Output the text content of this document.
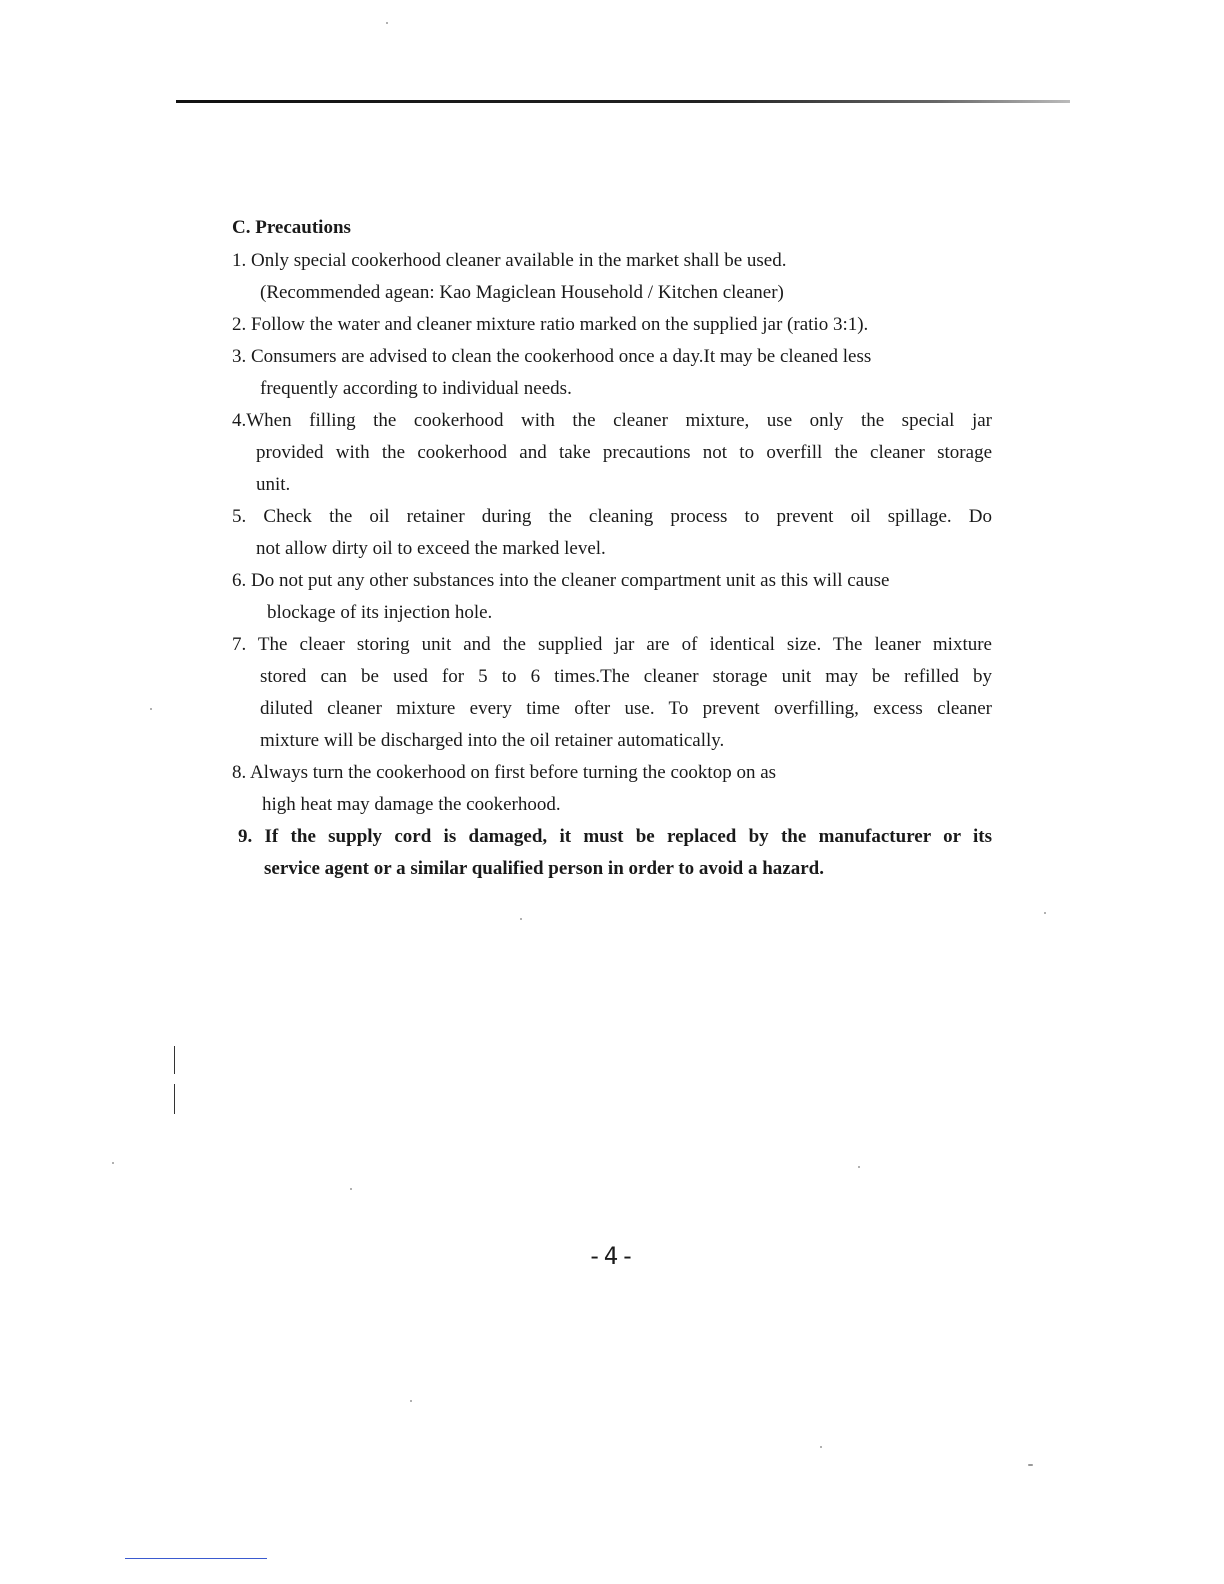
C. Precautions
1. Only special cookerhood cleaner available in the market shall be used.
(Recommended agean: Kao Magiclean Household / Kitchen cleaner)
2. Follow the water and cleaner mixture ratio marked on the supplied jar (ratio 3:1).
3. Consumers are advised to clean the cookerhood once a day.It may be cleaned less
frequently according to individual needs.
4.When filling the cookerhood with the cleaner mixture, use only the special jar
provided with the cookerhood and take precautions not to overfill the cleaner storage
unit.
5. Check the oil retainer during the cleaning process to prevent oil spillage. Do
not allow dirty oil to exceed the marked level.
6. Do not put any other substances into the cleaner compartment unit as this will cause
blockage of its injection hole.
7. The cleaer storing unit and the supplied jar are of identical size. The leaner mixture
stored can be used for 5 to 6 times.The cleaner storage unit may be refilled by
diluted cleaner mixture every time ofter use. To prevent overfilling, excess cleaner
mixture will be discharged into the oil retainer automatically.
8. Always turn the cookerhood on first before turning the cooktop on as
high heat may damage the cookerhood.
9. If the supply cord is damaged, it must be replaced by the manufacturer or its
service agent or a similar qualified person in order to avoid a hazard.
-4-
